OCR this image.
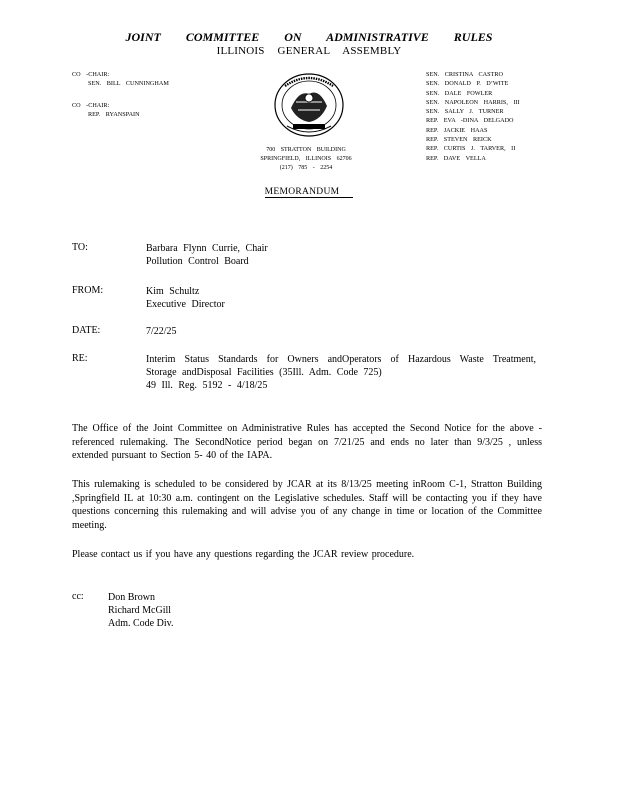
JOINT COMMITTEE ON ADMINISTRATIVE RULES
ILLINOIS GENERAL ASSEMBLY
CO -CHAIR:
SEN. BILL CUNNINGHAM
CO -CHAIR:
REP. RYANSPAIN
SEN. CRISTINA CASTRO
SEN. DONALD P. D’WITE
SEN. DALE FOWLER
SEN. NAPOLEON HARRIS, III
SEN. SALLY J. TURNER
REP. EVA -DINA DELGADO
REP. JACKIE HAAS
REP. STEVEN REICK
REP. CURTIS J. TARVER, II
REP. DAVE VELLA
700 STRATTON BUILDING
SPRINGFIELD, ILLINOIS 62706
(217) 785 - 2254
MEMORANDUM
TO:	Barbara Flynn Currie, Chair
Pollution Control Board
FROM:	Kim Schultz
Executive Director
DATE:	7/22/25
RE:	Interim Status Standards for Owners andOperators of Hazardous Waste Treatment, Storage andDisposal Facilities (35Ill. Adm. Code 725)
49 Ill. Reg. 5192 - 4/18/25
The Office of the Joint Committee on Administrative Rules has accepted the Second Notice for the above -referenced rulemaking. The SecondNotice period began on 7/21/25 and ends no later than 9/3/25 , unless extended pursuant to Section 5- 40 of the IAPA.
This rulemaking is scheduled to be considered by JCAR at its 8/13/25 meeting inRoom C-1, Stratton Building ,Springfield IL at 10:30 a.m. contingent on the Legislative schedules. Staff will be contacting you if they have questions concerning this rulemaking and will advise you of any change in time or location of the Committee meeting.
Please contact us if you have any questions regarding the JCAR review procedure.
cc: Don Brown
Richard McGill
Adm. Code Div.
